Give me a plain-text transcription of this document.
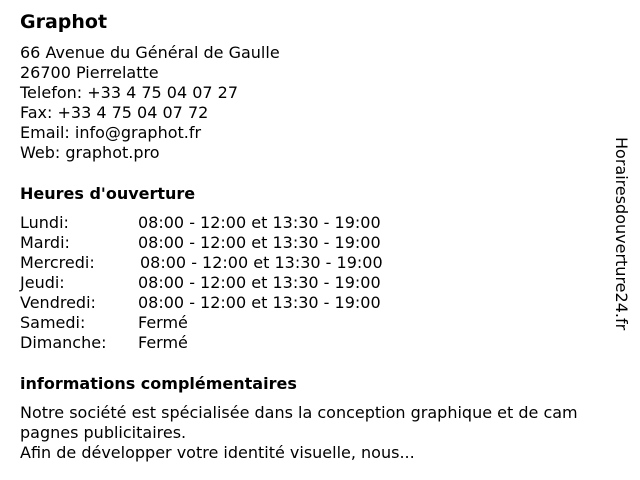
Graphot
66 Avenue du Général de Gaulle
26700 Pierrelatte
Telefon: +33 4 75 04 07 27
Fax: +33 4 75 04 07 72
Email: info@graphot.fr
Web: graphot.pro
Heures d'ouverture
Lundi:	08:00 - 12:00 et 13:30 - 19:00
Mardi:	08:00 - 12:00 et 13:30 - 19:00
Mercredi:	08:00 - 12:00 et 13:30 - 19:00
Jeudi:	08:00 - 12:00 et 13:30 - 19:00
Vendredi:	08:00 - 12:00 et 13:30 - 19:00
Samedi:	Fermé
Dimanche: Fermé
informations complémentaires
Notre société est spécialisée dans la conception graphique et de cam
pagnes publicitaires.
Afin de développer votre identité visuelle, nous...
Horairesdouverture24.fr
